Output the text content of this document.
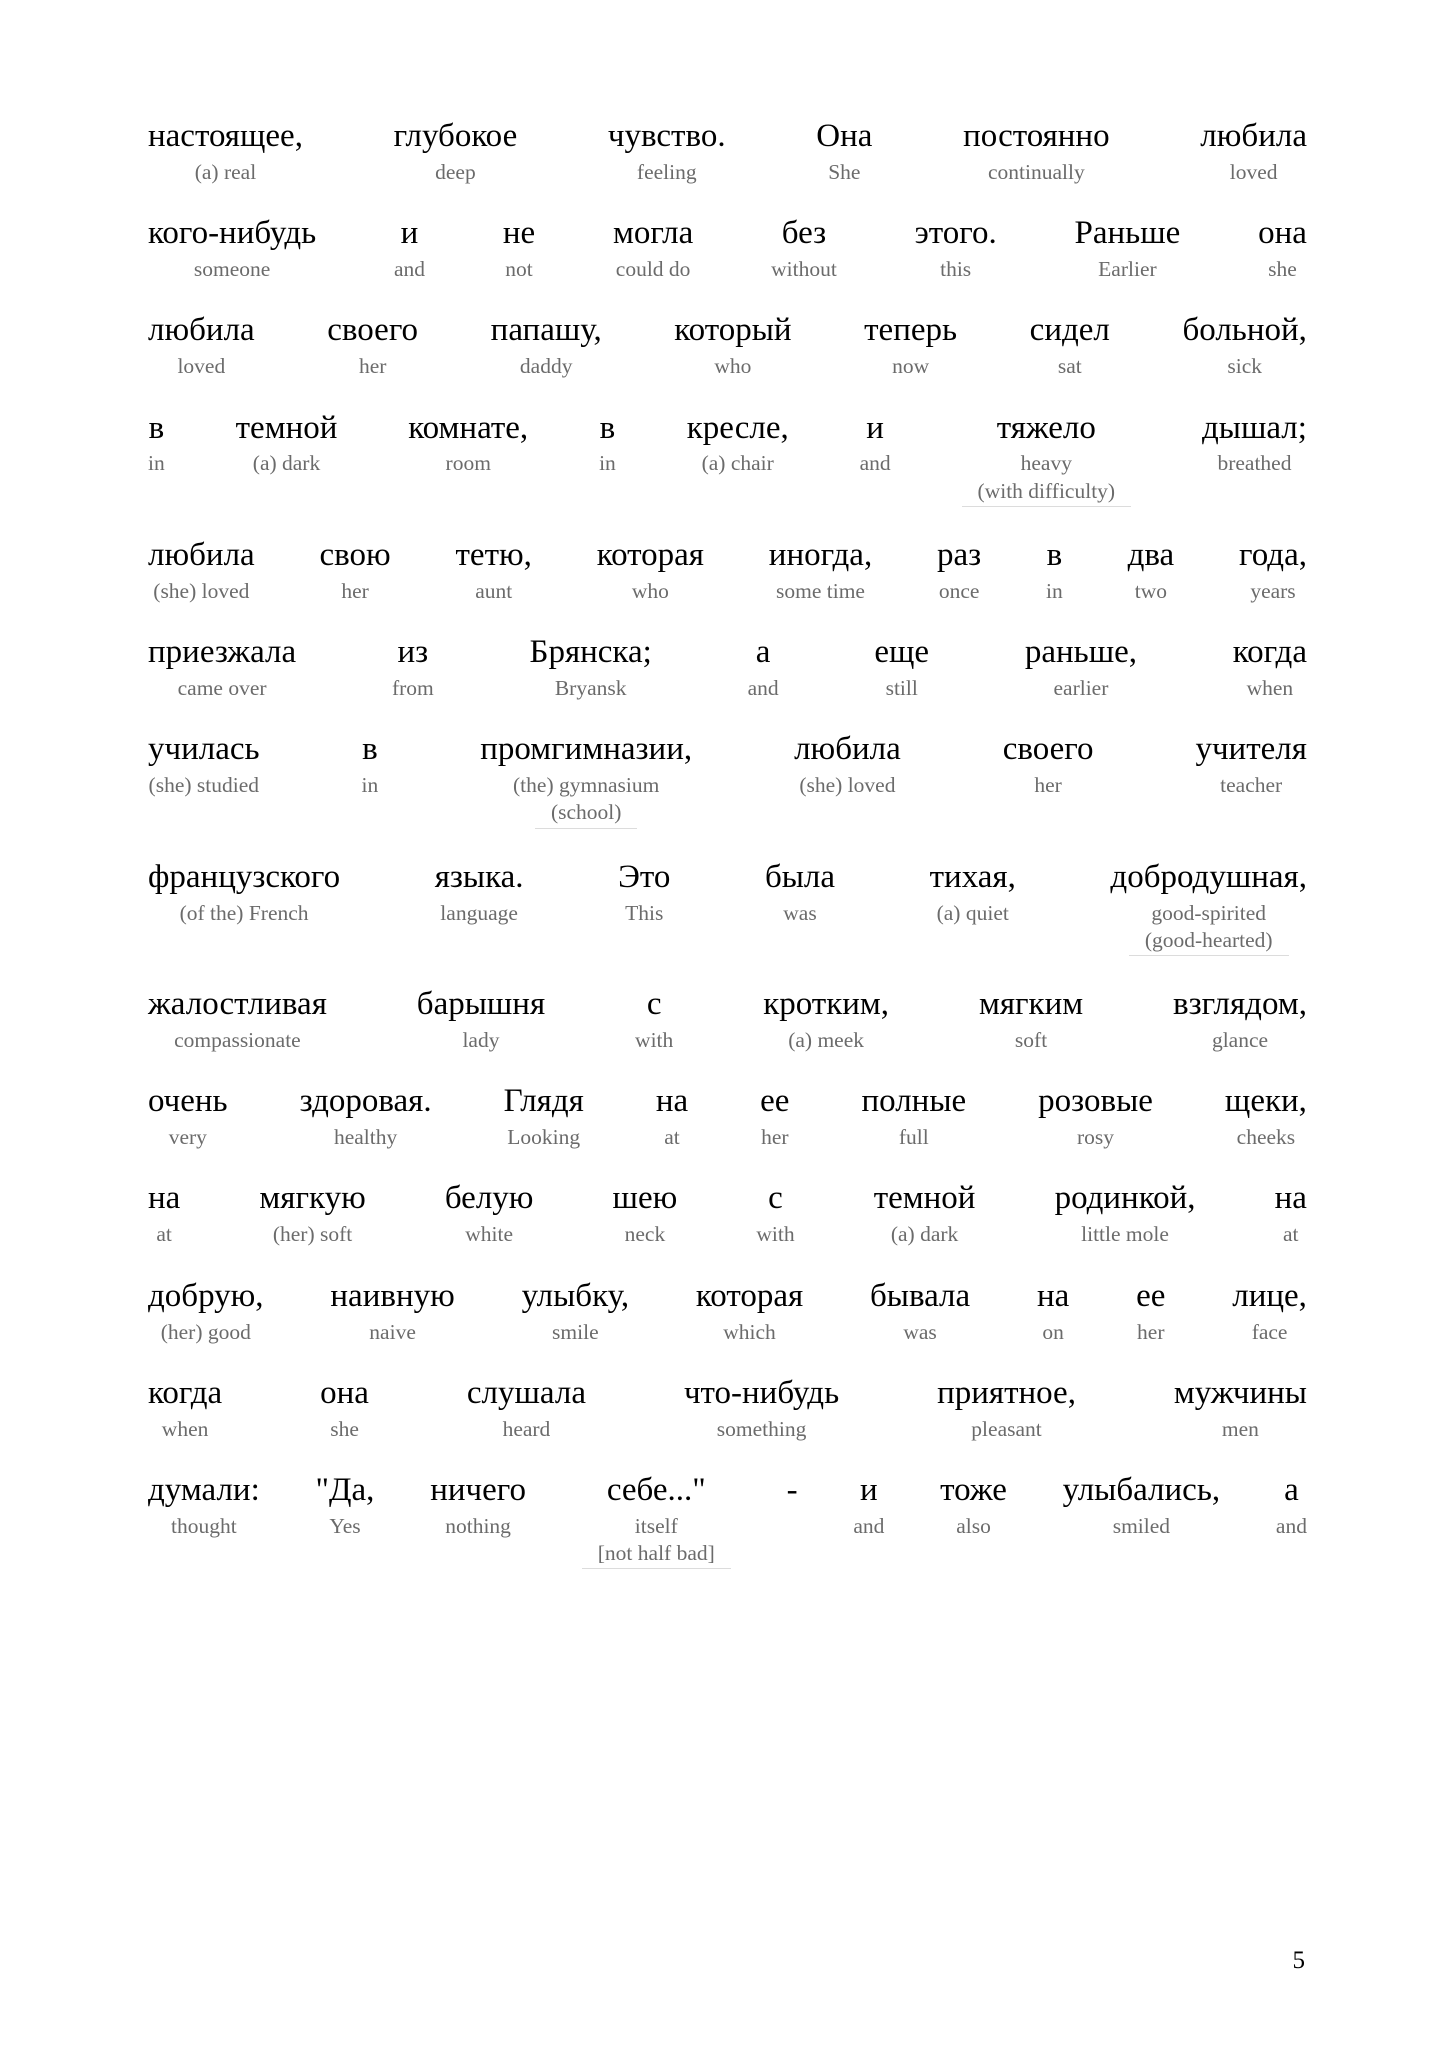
настоящее,
(a) real
глубокое
deep
чувство.
feeling
Она
She
постоянно
continually
любила
loved
кого-нибудь
someone
и
and
не
not
могла
could do
без
without
этого.
this
Раньше
Earlier
она
she
любила
loved
своего
her
папашу,
daddy
который
who
теперь
now
сидел
sat
больной,
sick
в
in
темной
(a) dark
комнате,
room
в
in
кресле,
(a) chair
и
and
тяжело
heavy
(with difficulty)
дышал;
breathed
любила
(she) loved
свою
her
тетю,
aunt
которая
who
иногда,
some time
раз
once
в
in
два
two
года,
years
приезжала
came over
из
from
Брянска;
Bryansk
а
and
еще
still
раньше,
earlier
когда
when
училась
(she) studied
в
in
промгимназии,
(the) gymnasium
(school)
любила
(she) loved
своего
her
учителя
teacher
французского
(of the) French
языка.
language
Это
This
была
was
тихая,
(a) quiet
добродушная,
good-spirited
(good-hearted)
жалостливая
compassionate
барышня
lady
с
with
кротким,
(a) meek
мягким
soft
взглядом,
glance
очень
very
здоровая.
healthy
Глядя
Looking
на
at
ее
her
полные
full
розовые
rosy
щеки,
cheeks
на
at
мягкую
(her) soft
белую
white
шею
neck
с
with
темной
(a) dark
родинкой,
little mole
на
at
добрую,
(her) good
наивную
naive
улыбку,
smile
которая
which
бывала
was
на
on
ее
her
лице,
face
когда
when
она
she
слушала
heard
что-нибудь
something
приятное,
pleasant
мужчины
men
думали:
thought
"Да,
Yes
ничего
nothing
себе..."
itself
[not half bad]
- и
and
тоже
also
улыбались,
smiled
а
and
5
